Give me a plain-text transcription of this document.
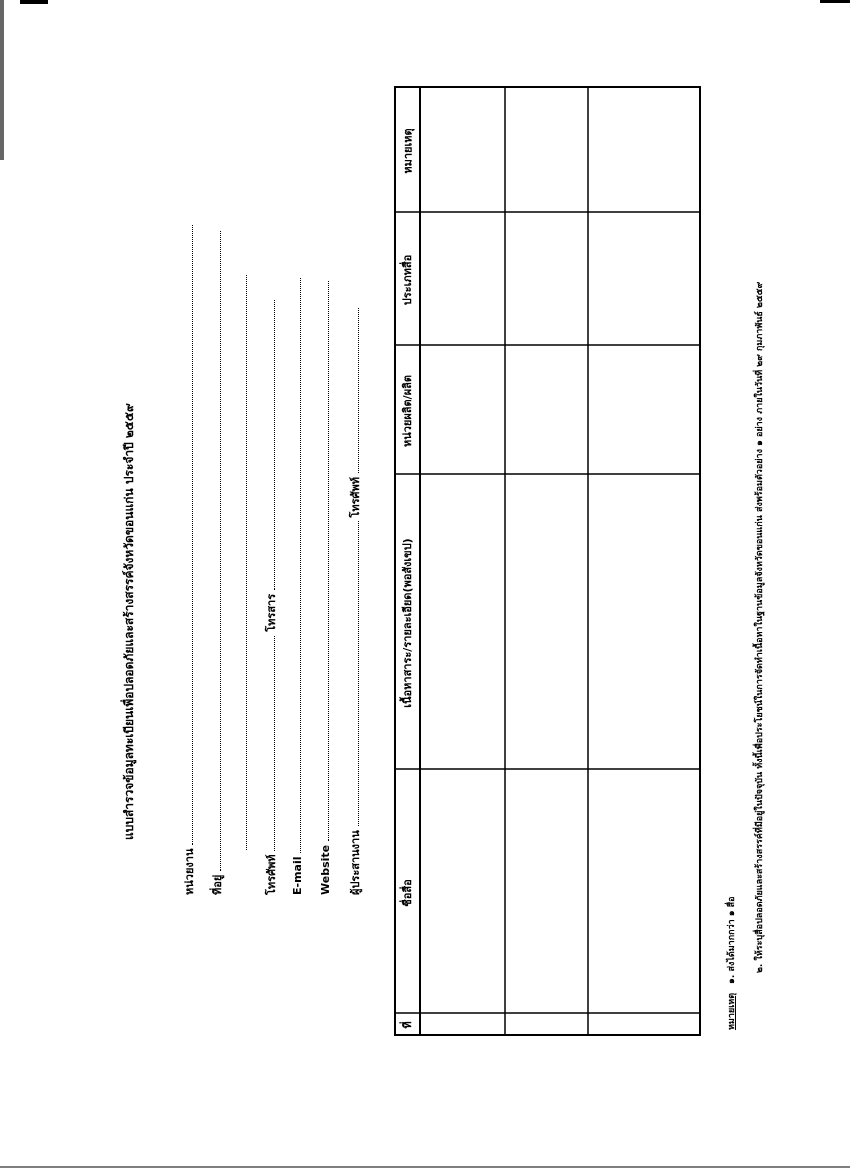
แบบสำรวจข้อมูลทะเบียนเพื่อปลอดภัยและสร้างสรรค์จังหวัดขอนแก่น ประจำปี ๒๕๕๙
หน่วยงาน ที่อยู่	โทรศัพท์  โทรสาร
E-mail Website ผู้ประสานงาน  โทรศัพท์
ที่
ชื่อสื่อ
เนื้อหาสาระ/รายละเอียด(พอสังเขป)
หน่วยผลิต/ผลิต
ประเภทสื่อ
หมายเหตุ
หมายเหตุ ๑. ส่งได้มากกว่า ๑ สื่อ	๒. ให้ระบุสื่อปลอดภัยและสร้างสรรค์ที่มีอยู่ในปัจจุบัน ทั้งนี้เพื่อประโยชน์ในการจัดทำเนื้อหาในฐานข้อมูลจังหวัดขอนแก่น ส่งพร้อมตัวอย่าง ๑ อย่าง ภายในวันที่ ๒๙ กุมภาพันธ์ ๒๕๕๙
